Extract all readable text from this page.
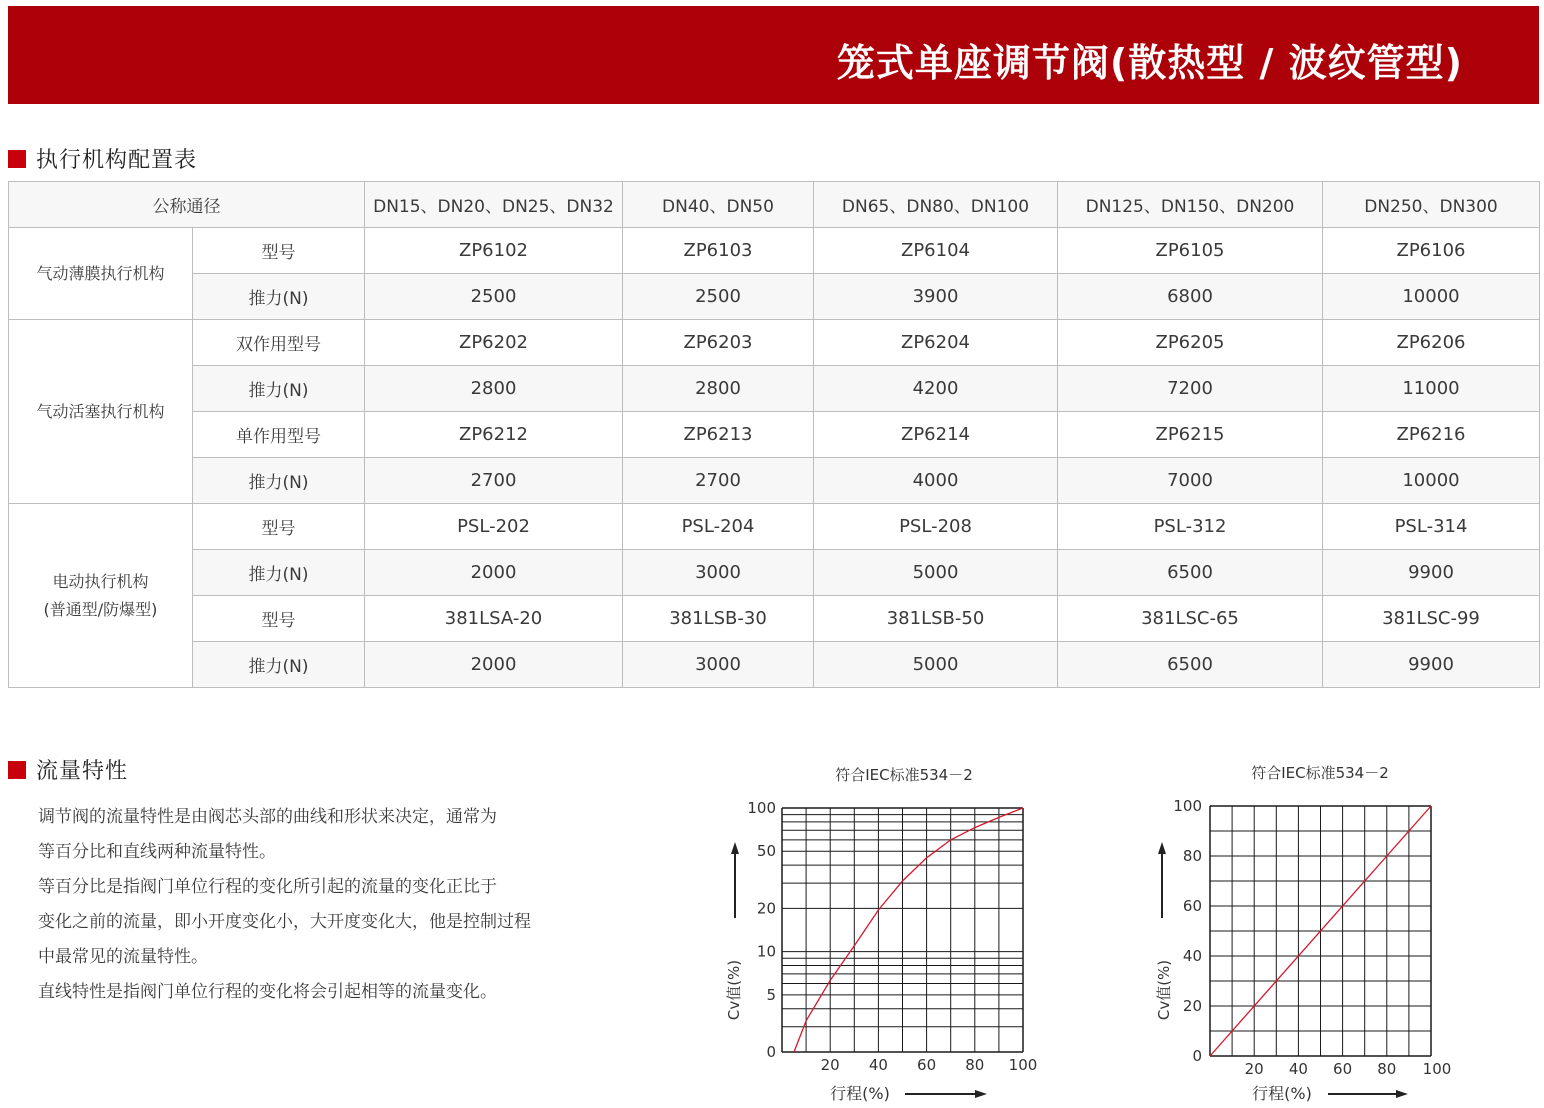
笼式单座调节阀(散热型 / 波纹管型)
执行机构配置表
公称通径		DN15、DN20、DN25、DN32	DN40、DN50	DN65、DN80、DN100	DN125、DN150、DN200	DN250、DN300
气动薄膜执行机构	型号	ZP6102	ZP6103	ZP6104	ZP6105	ZP6106
	推力(N)	2500	2500	3900	6800	10000
气动活塞执行机构	双作用型号	ZP6202	ZP6203	ZP6204	ZP6205	ZP6206
	推力(N)	2800	2800	4200	7200	11000
	单作用型号	ZP6212	ZP6213	ZP6214	ZP6215	ZP6216
	推力(N)	2700	2700	4000	7000	10000
电动执行机构
(普通型/防爆型)	型号	PSL-202	PSL-204	PSL-208	PSL-312	PSL-314
	推力(N)	2000	3000	5000	6500	9900
	型号	381LSA-20	381LSB-30	381LSB-50	381LSC-65	381LSC-99
	推力(N)	2000	3000	5000	6500	9900
流量特性

调节阀的流量特性是由阀芯头部的曲线和形状来决定，通常为

等百分比和直线两种流量特性。

等百分比是指阀门单位行程的变化所引起的流量的变化正比于

变化之前的流量，即小开度变化小，大开度变化大，他是控制过程

中最常见的流量特性。

直线特性是指阀门单位行程的变化将会引起相等的流量变化。

符合IEC标准534－2
100
50
20
10
5
0
20 40 60 80 100
Cv值(%)
行程(%)
符合IEC标准534－2
100
80
60
40
20
0
20 40 60 80 100
Cv值(%)
行程(%)
